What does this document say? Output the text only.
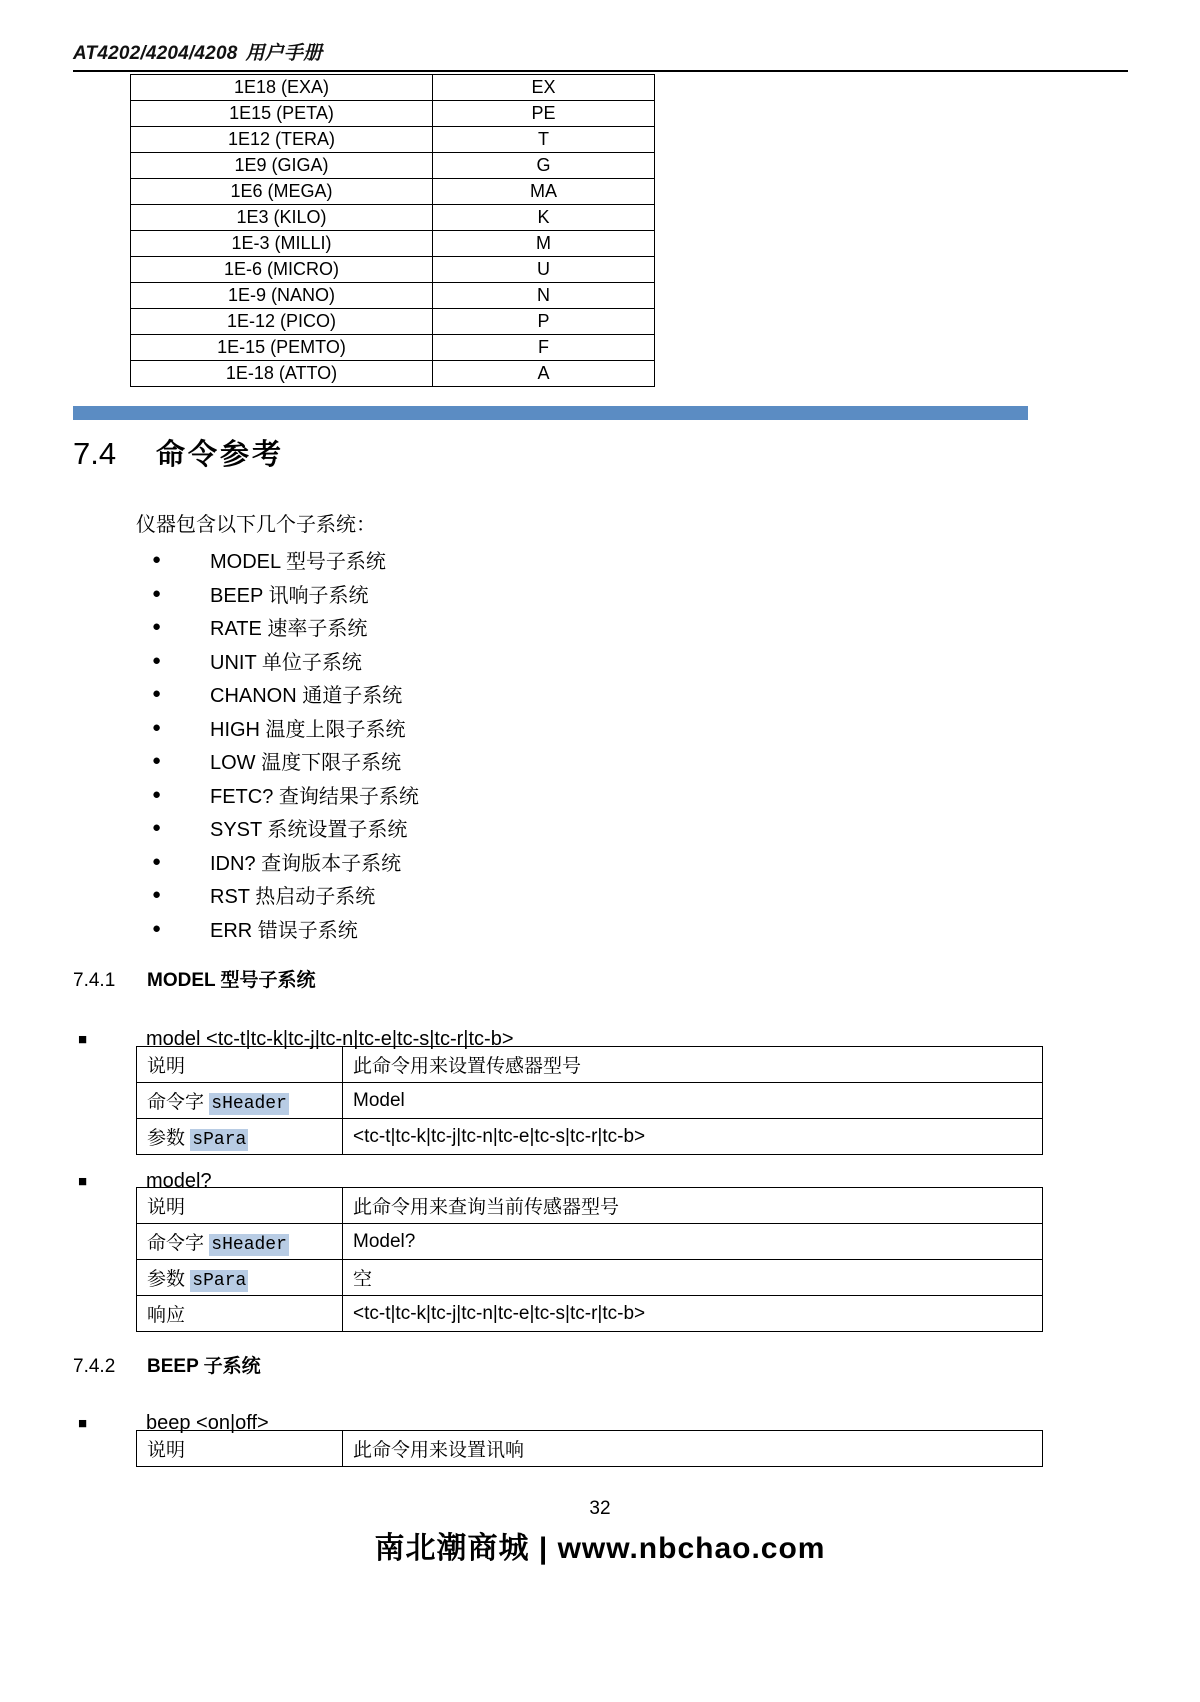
AT4202/4204/4208 用户手册
1E18 (EXA)	EX
1E15 (PETA)	PE
1E12 (TERA)	T
1E9 (GIGA)	G
1E6 (MEGA)	MA
1E3 (KILO)	K
1E-3 (MILLI)	M
1E-6 (MICRO)	U
1E-9 (NANO)	N
1E-12 (PICO)	P
1E-15 (PEMTO)	F
1E-18 (ATTO)	A
7.4	命令参考
仪器包含以下几个子系统：
●	MODEL 型号子系统
●	BEEP 讯响子系统
●	RATE 速率子系统
●	UNIT 单位子系统
●	CHANON 通道子系统
●	HIGH 温度上限子系统
●	LOW 温度下限子系统
●	FETC? 查询结果子系统
●	SYST 系统设置子系统
●	IDN? 查询版本子系统
●	RST 热启动子系统
●	ERR 错误子系统
7.4.1	MODEL 型号子系统
■	model <tc-t|tc-k|tc-j|tc-n|tc-e|tc-s|tc-r|tc-b>
说明	此命令用来设置传感器型号
命令字 sHeader	Model
参数 sPara	<tc-t|tc-k|tc-j|tc-n|tc-e|tc-s|tc-r|tc-b>
■	model?
说明	此命令用来查询当前传感器型号
命令字 sHeader	Model?
参数 sPara	空
响应	<tc-t|tc-k|tc-j|tc-n|tc-e|tc-s|tc-r|tc-b>
7.4.2	BEEP 子系统
■	beep <on|off>
说明	此命令用来设置讯响
32
南北潮商城 | www.nbchao.com
